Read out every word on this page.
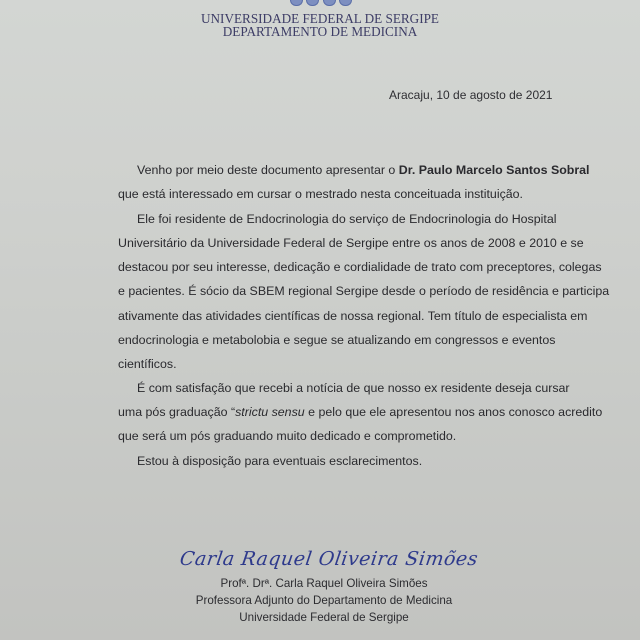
UNIVERSIDADE FEDERAL DE SERGIPE
DEPARTAMENTO DE MEDICINA
Aracaju, 10 de agosto de 2021
Venho por meio deste documento apresentar o Dr. Paulo Marcelo Santos Sobral
que está interessado em cursar o mestrado nesta conceituada instituição.
Ele foi residente de Endocrinologia do serviço de Endocrinologia do Hospital
Universitário da Universidade Federal de Sergipe entre os anos de 2008 e 2010 e se
destacou por seu interesse, dedicação e cordialidade de trato com preceptores, colegas
e pacientes. É sócio da SBEM regional Sergipe desde o período de residência e participa
ativamente das atividades científicas de nossa regional. Tem título de especialista em
endocrinologia e metabolobia e segue se atualizando em congressos e eventos
científicos.
É com satisfação que recebi a notícia de que nosso ex residente deseja cursar
uma pós graduação “strictu sensu e pelo que ele apresentou nos anos conosco acredito
que será um pós graduando muito dedicado e comprometido.
Estou à disposição para eventuais esclarecimentos.
Carla Raquel Oliveira Simões
Profª. Drª. Carla Raquel Oliveira Simões
Professora Adjunto do Departamento de Medicina
Universidade Federal de Sergipe
